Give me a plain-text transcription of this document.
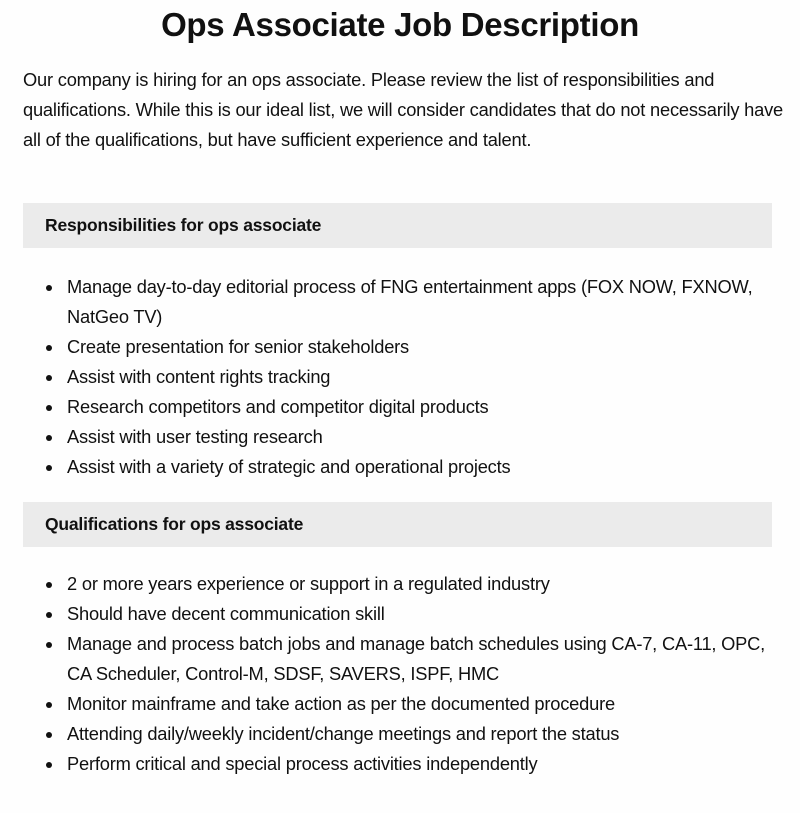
Ops Associate Job Description

Our company is hiring for an ops associate. Please review the list of responsibilities and qualifications. While this is our ideal list, we will consider candidates that do not necessarily have all of the qualifications, but have sufficient experience and talent.

Responsibilities for ops associate
Manage day-to-day editorial process of FNG entertainment apps (FOX NOW, FXNOW, NatGeo TV)
Create presentation for senior stakeholders
Assist with content rights tracking
Research competitors and competitor digital products
Assist with user testing research
Assist with a variety of strategic and operational projects
Qualifications for ops associate
2 or more years experience or support in a regulated industry
Should have decent communication skill
Manage and process batch jobs and manage batch schedules using CA-7, CA-11, OPC, CA Scheduler, Control-M, SDSF, SAVERS, ISPF, HMC
Monitor mainframe and take action as per the documented procedure
Attending daily/weekly incident/change meetings and report the status
Perform critical and special process activities independently
